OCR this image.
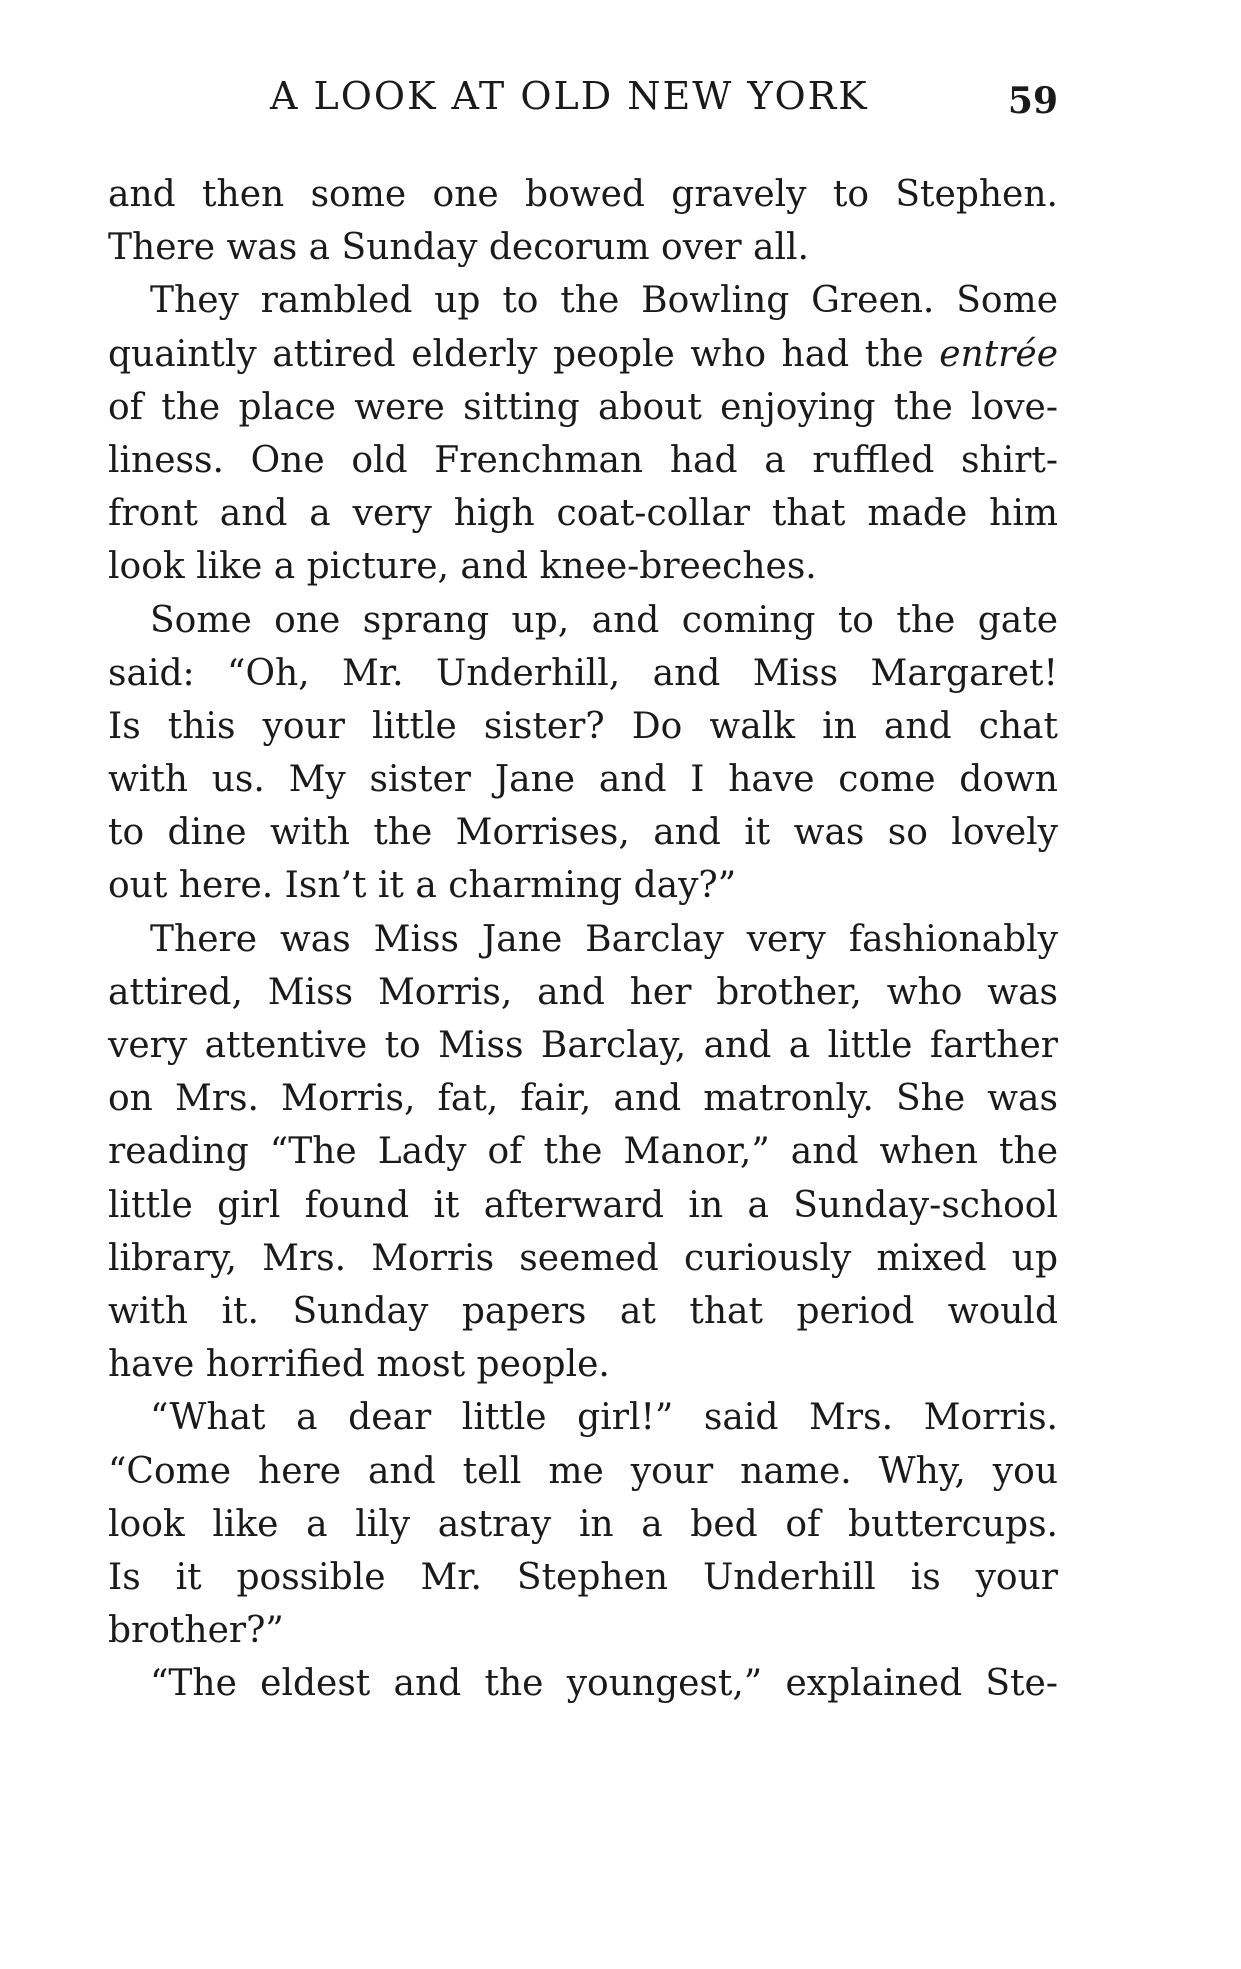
A LOOK AT OLD NEW YORK	59
and then some one bowed gravely to Stephen.
There was a Sunday decorum over all.
They rambled up to the Bowling Green. Some
quaintly attired elderly people who had the entrée
of the place were sitting about enjoying the love-
liness. One old Frenchman had a ruffled shirt-
front and a very high coat-collar that made him
look like a picture, and knee-breeches.
Some one sprang up, and coming to the gate
said: “Oh, Mr. Underhill, and Miss Margaret!
Is this your little sister? Do walk in and chat
with us. My sister Jane and I have come down
to dine with the Morrises, and it was so lovely
out here. Isn’t it a charming day?”
There was Miss Jane Barclay very fashionably
attired, Miss Morris, and her brother, who was
very attentive to Miss Barclay, and a little farther
on Mrs. Morris, fat, fair, and matronly. She was
reading “The Lady of the Manor,” and when the
little girl found it afterward in a Sunday-school
library, Mrs. Morris seemed curiously mixed up
with it. Sunday papers at that period would
have horrified most people.
“What a dear little girl!” said Mrs. Morris.
“Come here and tell me your name. Why, you
look like a lily astray in a bed of buttercups.
Is it possible Mr. Stephen Underhill is your
brother?”
“The eldest and the youngest,” explained Ste-
